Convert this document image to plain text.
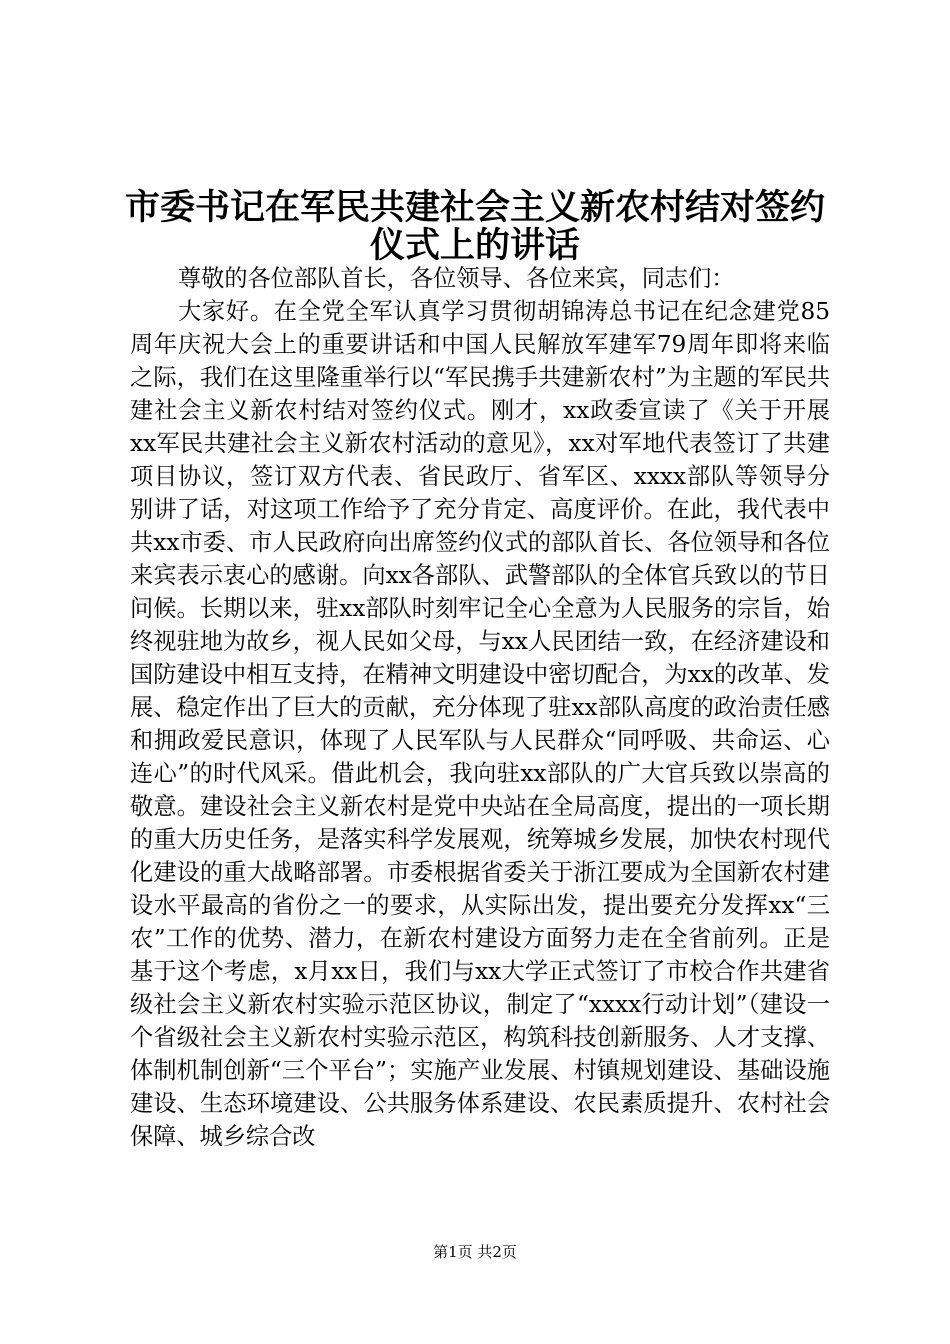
市委书记在军民共建社会主义新农村结对签约
仪式上的讲话

尊敬的各位部队首长，各位领导、各位来宾，同志们：

大家好。在全党全军认真学习贯彻胡锦涛总书记在纪念建党85周年庆祝大会上的重要讲话和中国人民解放军建军79周年即将来临之际，我们在这里隆重举行以“军民携手共建新农村”为主题的军民共建社会主义新农村结对签约仪式。刚才，xx政委宣读了《关于开展xx军民共建社会主义新农村活动的意见》，xx对军地代表签订了共建项目协议，签订双方代表、省民政厅、省军区、xxxx部队等领导分别讲了话，对这项工作给予了充分肯定、高度评价。在此，我代表中共xx市委、市人民政府向出席签约仪式的部队首长、各位领导和各位来宾表示衷心的感谢。向xx各部队、武警部队的全体官兵致以的节日问候。长期以来，驻xx部队时刻牢记全心全意为人民服务的宗旨，始终视驻地为故乡，视人民如父母，与xx人民团结一致，在经济建设和国防建设中相互支持，在精神文明建设中密切配合，为xx的改革、发展、稳定作出了巨大的贡献，充分体现了驻xx部队高度的政治责任感和拥政爱民意识，体现了人民军队与人民群众“同呼吸、共命运、心连心”的时代风采。借此机会，我向驻xx部队的广大官兵致以崇高的敬意。建设社会主义新农村是党中央站在全局高度，提出的一项长期的重大历史任务，是落实科学发展观，统筹城乡发展，加快农村现代化建设的重大战略部署。市委根据省委关于浙江要成为全国新农村建设水平最高的省份之一的要求，从实际出发，提出要充分发挥xx“三农”工作的优势、潜力，在新农村建设方面努力走在全省前列。正是基于这个考虑，x月xx日，我们与xx大学正式签订了市校合作共建省级社会主义新农村实验示范区协议，制定了“xxxx行动计划”（建设一个省级社会主义新农村实验示范区，构筑科技创新服务、人才支撑、体制机制创新“三个平台”；实施产业发展、村镇规划建设、基础设施建设、生态环境建设、公共服务体系建设、农民素质提升、农村社会保障、城乡综合改

第1页 共2页
